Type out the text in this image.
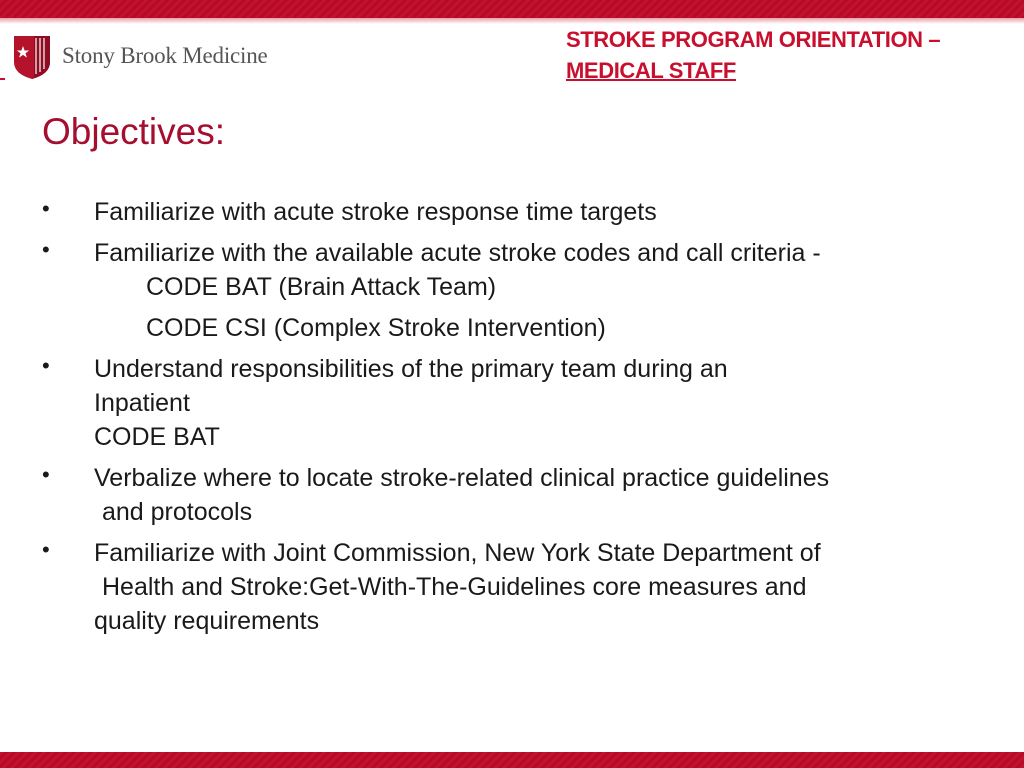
Stony Brook Medicine
STROKE PROGRAM ORIENTATION –
MEDICAL STAFF
Objectives:
• Familiarize with acute stroke response time targets
• Familiarize with the available acute stroke codes and call criteria -
CODE BAT (Brain Attack Team)
CODE CSI (Complex Stroke Intervention)
• Understand responsibilities of the primary team during an
Inpatient
CODE BAT
• Verbalize where to locate stroke-related clinical practice guidelines
and protocols
• Familiarize with Joint Commission, New York State Department of
Health and Stroke:Get-With-The-Guidelines core measures and
quality requirements
